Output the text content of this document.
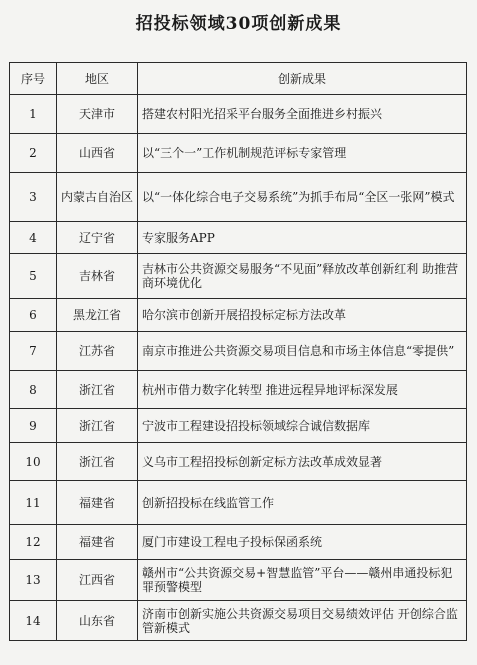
招投标领域30项创新成果
序号	地区	创新成果
1	天津市	搭建农村阳光招采平台服务全面推进乡村振兴
2	山西省	以“三个一”工作机制规范评标专家管理
3	内蒙古自治区	以“一体化综合电子交易系统”为抓手布局“全区一张网”模式
4	辽宁省	专家服务APP
5	吉林省	吉林市公共资源交易服务“不见面”释放改革创新红利 助推营商环境优化
6	黑龙江省	哈尔滨市创新开展招投标定标方法改革
7	江苏省	南京市推进公共资源交易项目信息和市场主体信息“零提供”
8	浙江省	杭州市借力数字化转型 推进远程异地评标深发展
9	浙江省	宁波市工程建设招投标领域综合诚信数据库
10	浙江省	义乌市工程招投标创新定标方法改革成效显著
11	福建省	创新招投标在线监管工作
12	福建省	厦门市建设工程电子投标保函系统
13	江西省	赣州市“公共资源交易+智慧监管”平台——赣州串通投标犯罪预警模型
14	山东省	济南市创新实施公共资源交易项目交易绩效评估 开创综合监管新模式
